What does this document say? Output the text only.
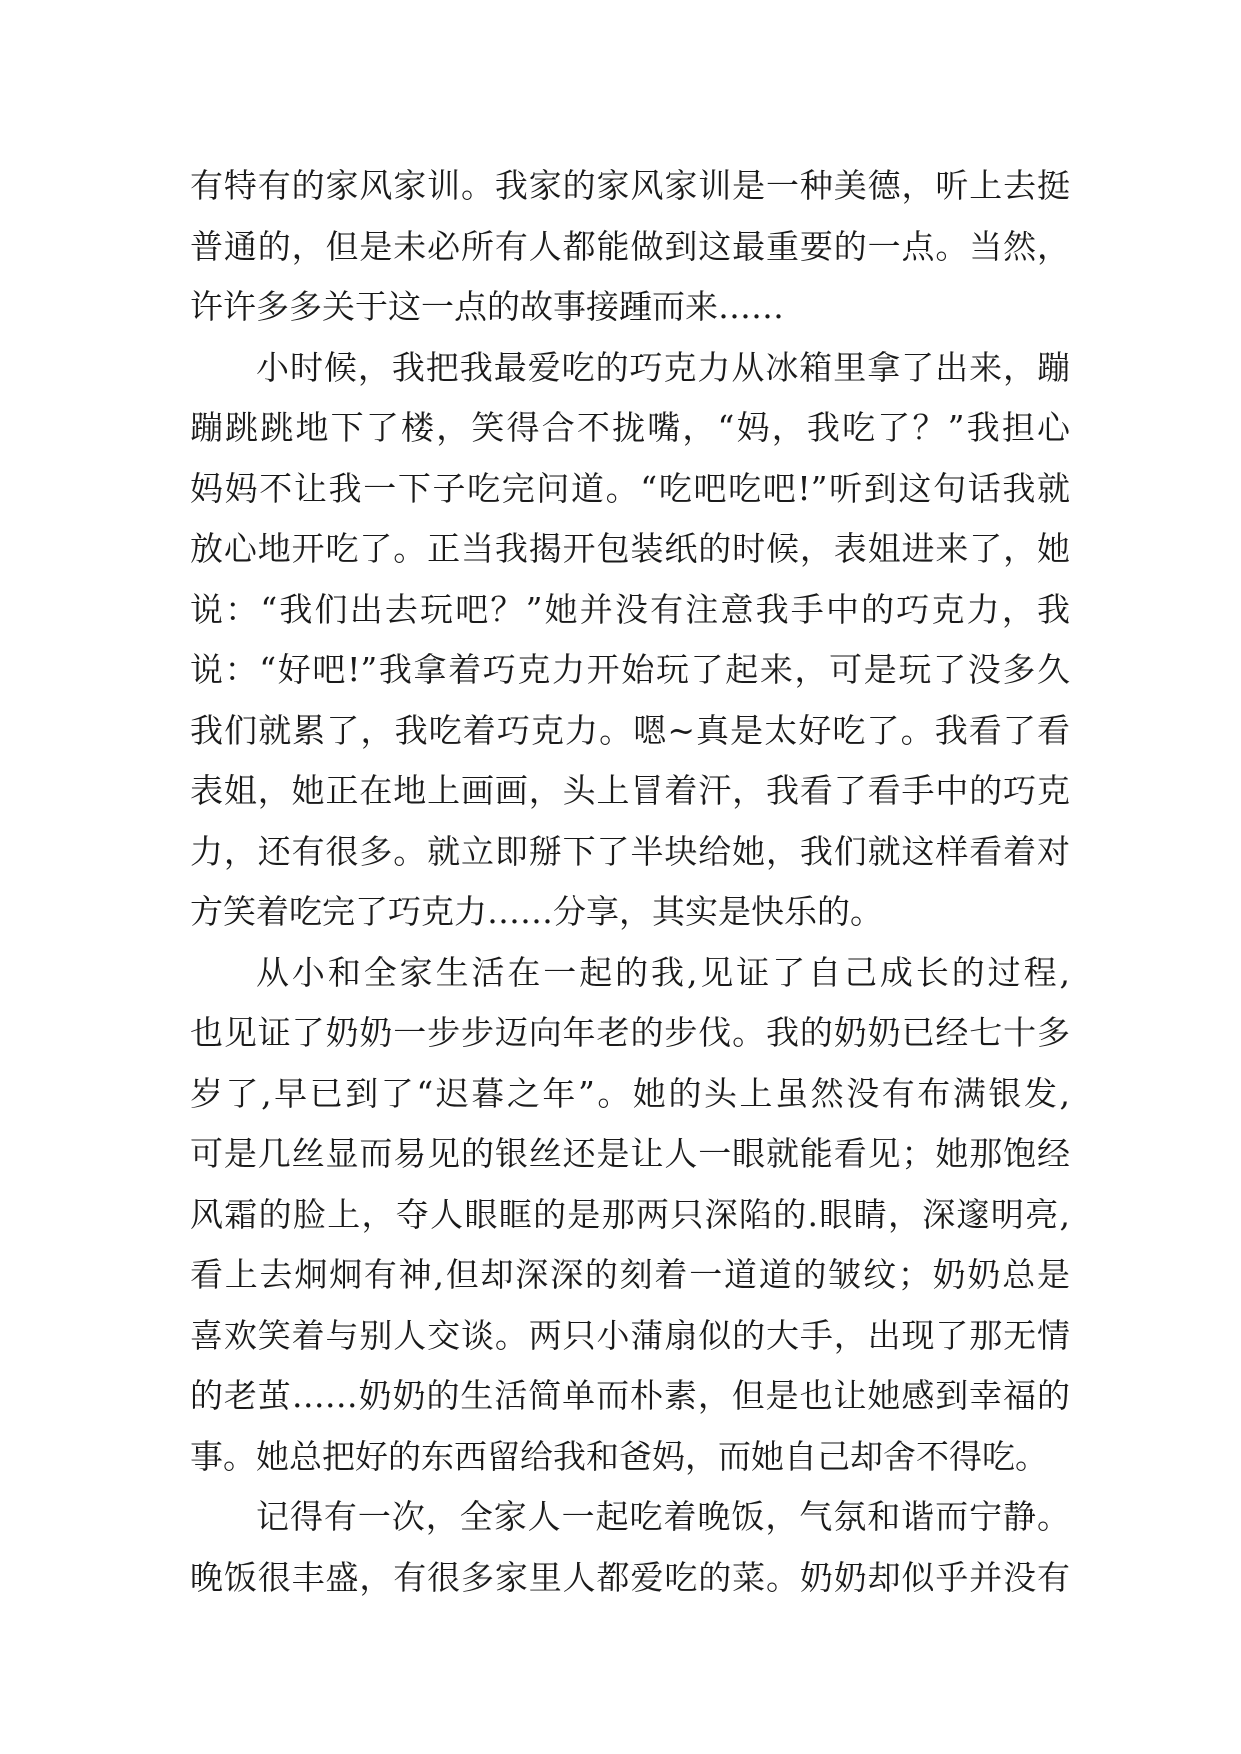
有特有的家风家训。我家的家风家训是一种美德，听上去挺
普通的，但是未必所有人都能做到这最重要的一点。当然，
许许多多关于这一点的故事接踵而来……
小时候，我把我最爱吃的巧克力从冰箱里拿了出来，蹦
蹦跳跳地下了楼，笑得合不拢嘴，“妈，我吃了？”我担心
妈妈不让我一下子吃完问道。“吃吧吃吧!”听到这句话我就
放心地开吃了。正当我揭开包装纸的时候，表姐进来了，她
说：“我们出去玩吧？”她并没有注意我手中的巧克力，我
说：“好吧!”我拿着巧克力开始玩了起来，可是玩了没多久
我们就累了，我吃着巧克力。嗯~真是太好吃了。我看了看
表姐，她正在地上画画，头上冒着汗，我看了看手中的巧克
力，还有很多。就立即掰下了半块给她，我们就这样看着对
方笑着吃完了巧克力……分享，其实是快乐的。
从小和全家生活在一起的我,见证了自己成长的过程,
也见证了奶奶一步步迈向年老的步伐。我的奶奶已经七十多
岁了,早已到了“迟暮之年”。她的头上虽然没有布满银发,
可是几丝显而易见的银丝还是让人一眼就能看见；她那饱经
风霜的脸上，夺人眼眶的是那两只深陷的.眼睛，深邃明亮,
看上去炯炯有神,但却深深的刻着一道道的皱纹；奶奶总是
喜欢笑着与别人交谈。两只小蒲扇似的大手，出现了那无情
的老茧……奶奶的生活简单而朴素，但是也让她感到幸福的
事。她总把好的东西留给我和爸妈，而她自己却舍不得吃。
记得有一次，全家人一起吃着晚饭，气氛和谐而宁静。
晚饭很丰盛，有很多家里人都爱吃的菜。奶奶却似乎并没有
